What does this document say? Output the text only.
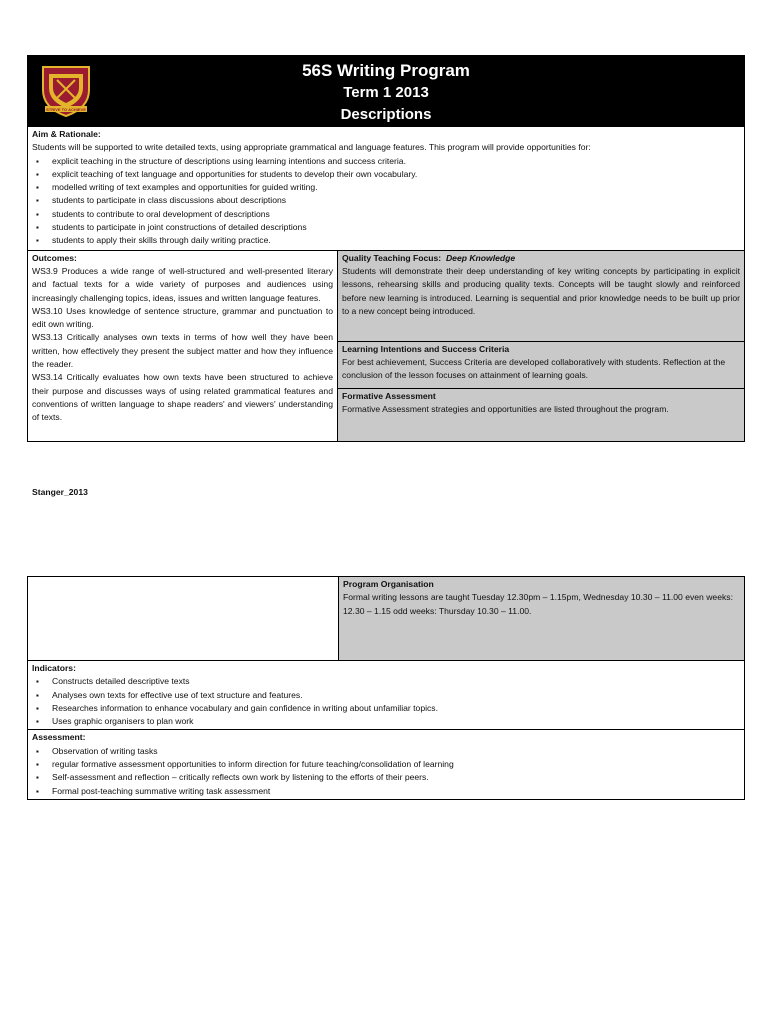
STRIVE TO ACHIEVE
56S Writing Program
Term 1 2013
Descriptions
Aim & Rationale:
Students will be supported to write detailed texts, using appropriate grammatical and language features. This program will provide opportunities for:
▪ explicit teaching in the structure of descriptions using learning intentions and success criteria.
▪ explicit teaching of text language and opportunities for students to develop their own vocabulary.
▪ modelled writing of text examples and opportunities for guided writing.
▪ students to participate in class discussions about descriptions
▪ students to contribute to oral development of descriptions
▪ students to participate in joint constructions of detailed descriptions
▪ students to apply their skills through daily writing practice.
Outcomes:
WS3.9 Produces a wide range of well-structured and well-presented literary and factual texts for a wide variety of purposes and audiences using increasingly challenging topics, ideas, issues and written language features.
WS3.10 Uses knowledge of sentence structure, grammar and punctuation to edit own writing.
WS3.13 Critically analyses own texts in terms of how well they have been written, how effectively they present the subject matter and how they influence the reader.
WS3.14 Critically evaluates how own texts have been structured to achieve their purpose and discusses ways of using related grammatical features and conventions of written language to shape readers' and viewers' understanding of texts.
Quality Teaching Focus: Deep Knowledge
Students will demonstrate their deep understanding of key writing concepts by participating in explicit lessons, rehearsing skills and producing quality texts. Concepts will be taught slowly and reinforced before new learning is introduced. Learning is sequential and prior knowledge needs to be built up prior to a new concept being introduced.
Learning Intentions and Success Criteria
For best achievement, Success Criteria are developed collaboratively with students. Reflection at the conclusion of the lesson focuses on attainment of learning goals.
Formative Assessment
Formative Assessment strategies and opportunities are listed throughout the program.
Stanger_2013
Program Organisation
Formal writing lessons are taught Tuesday 12.30pm – 1.15pm, Wednesday 10.30 – 11.00 even weeks: 12.30 – 1.15 odd weeks: Thursday 10.30 – 11.00.
Indicators:
▪ Constructs detailed descriptive texts
▪ Analyses own texts for effective use of text structure and features.
▪ Researches information to enhance vocabulary and gain confidence in writing about unfamiliar topics.
▪ Uses graphic organisers to plan work
Assessment:
▪ Observation of writing tasks
▪ regular formative assessment opportunities to inform direction for future teaching/consolidation of learning
▪ Self-assessment and reflection – critically reflects own work by listening to the efforts of their peers.
▪ Formal post-teaching summative writing task assessment
